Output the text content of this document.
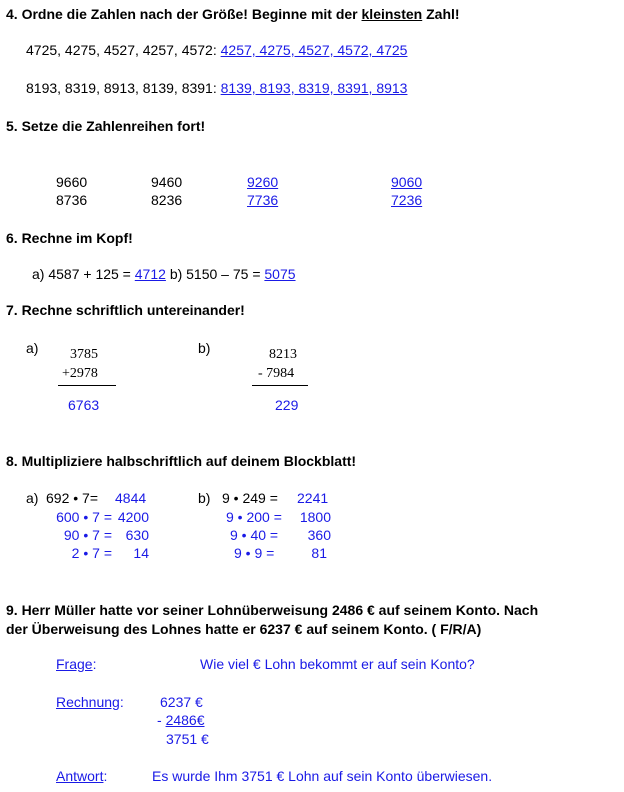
4. Ordne die Zahlen nach der Größe! Beginne mit der kleinsten Zahl!
4725, 4275, 4527, 4257, 4572: 4257, 4275, 4527, 4572, 4725
8193, 8319, 8913, 8139, 8391: 8139, 8193, 8319, 8391, 8913
5. Setze die Zahlenreihen fort!
9660	9460	9260	9060
8736	8236	7736	7236
6. Rechne im Kopf!
a) 4587 + 125 = 4712 b) 5150 – 75 = 5075
7. Rechne schriftlich untereinander!
a) 3785
+2978
6763
b)	8213
- 7984
229
8. Multipliziere halbschriftlich auf deinem Blockblatt!
a) 692 • 7= 4844
600 • 7 = 4200
90 • 7 = 630
2 • 7 =	14
b) 9 • 249 = 2241
9 • 200 =	1800
9 • 40 =	360
9 • 9 =	81
9. Herr Müller hatte vor seiner Lohnüberweisung 2486 € auf seinem Konto. Nach
der Überweisung des Lohnes hatte er 6237 € auf seinem Konto. ( F/R/A)
Frage:	Wie viel € Lohn bekommt er auf sein Konto?
Rechnung:	6237 €
- 2486€
3751 €
Antwort:	Es wurde Ihm 3751 € Lohn auf sein Konto überwiesen.
